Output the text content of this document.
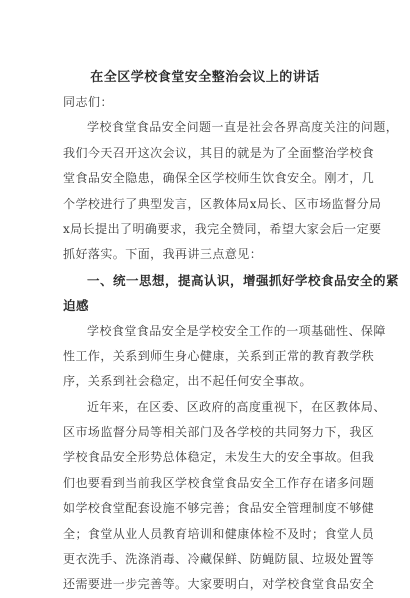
在全区学校食堂安全整治会议上的讲话
同志们：
学校食堂食品安全问题一直是社会各界高度关注的问题，
我们今天召开这次会议，其目的就是为了全面整治学校食
堂食品安全隐患，确保全区学校师生饮食安全。刚才，几
个学校进行了典型发言，区教体局x局长、区市场监督分局
x局长提出了明确要求，我完全赞同，希望大家会后一定要
抓好落实。下面，我再讲三点意见：
一、统一思想，提高认识，增强抓好学校食品安全的紧
迫感
学校食堂食品安全是学校安全工作的一项基础性、保障
性工作，关系到师生身心健康，关系到正常的教育教学秩
序，关系到社会稳定，出不起任何安全事故。
近年来，在区委、区政府的高度重视下，在区教体局、
区市场监督分局等相关部门及各学校的共同努力下，我区
学校食品安全形势总体稳定，未发生大的安全事故。但我
们也要看到当前我区学校食堂食品安全工作存在诸多问题
如学校食堂配套设施不够完善；食品安全管理制度不够健
全；食堂从业人员教育培训和健康体检不及时；食堂人员
更衣洗手、洗涤消毒、冷藏保鲜、防蝇防鼠、垃圾处置等
还需要进一步完善等。大家要明白，对学校食堂食品安全
